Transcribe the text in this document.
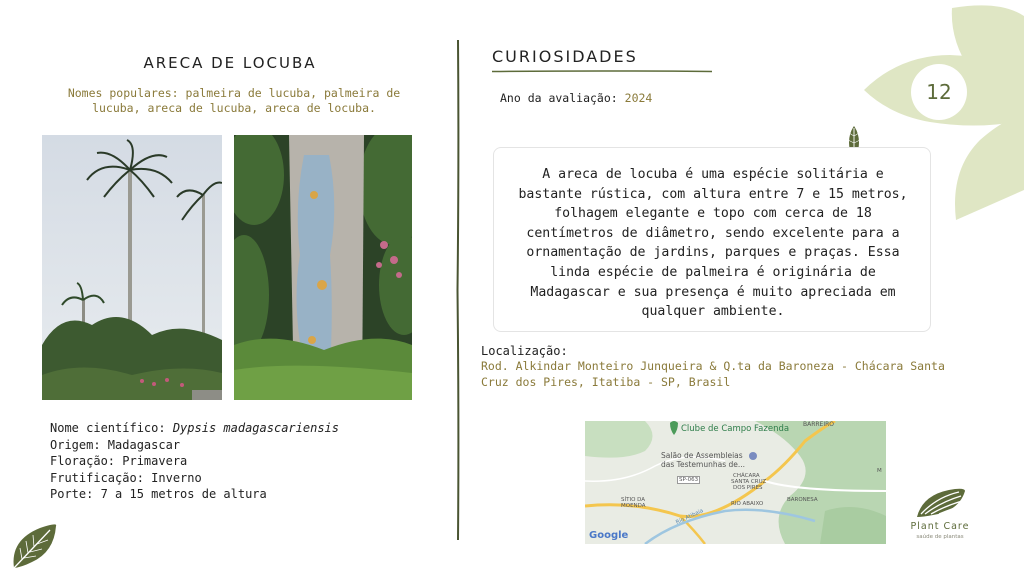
ARECA DE LOCUBA
Nomes populares: palmeira de lucuba, palmeira de lucuba, areca de lucuba, areca de locuba.
Nome científico: Dypsis madagascariensis
Origem: Madagascar
Floração: Primavera
Frutificação: Inverno
Porte: 7 a 15 metros de altura
CURIOSIDADES
Ano da avaliação: 2024

A areca de locuba é uma espécie solitária e bastante rústica, com altura entre 7 e 15 metros, folhagem elegante e topo com cerca de 18 centímetros de diâmetro, sendo excelente para a ornamentação de jardins, parques e praças. Essa linda espécie de palmeira é originária de Madagascar e sua presença é muito apreciada em qualquer ambiente.

Localização:
Rod. Alkindar Monteiro Junqueira & Q.ta da Baroneza - Chácara Santa Cruz dos Pires, Itatiba - SP, Brasil
Clube de Campo Fazenda BARREIRO
Salão de Assembleias
das Testemunhas de...
SP-063
CHÁCARA
SANTA CRUZ
DOS PIRES
SÍTIO DA
MOENDA	RIO ABAIXO
BARONESA
Rio Atibaia
M
Google
12
Plant Care
saúde de plantas
